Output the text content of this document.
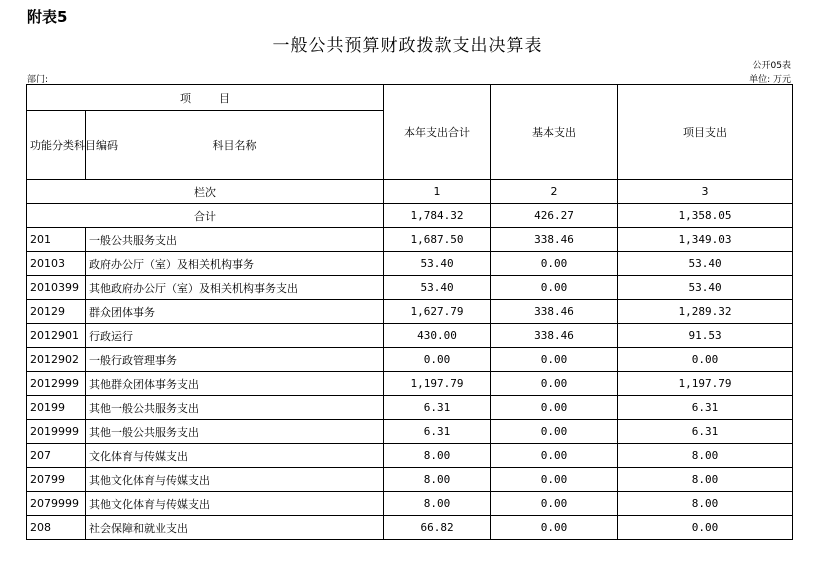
附表5
一般公共预算财政拨款支出决算表
公开05表
部门:	单位: 万元
项        目		本年支出合计	基本支出	项目支出
功能分类科目编码	科目名称			
栏次		1	2	3
合计		1,784.32	426.27	1,358.05
201	一般公共服务支出	1,687.50	338.46	1,349.03
20103	政府办公厅（室）及相关机构事务	53.40	0.00	53.40
2010399	其他政府办公厅（室）及相关机构事务支出	53.40	0.00	53.40
20129	群众团体事务	1,627.79	338.46	1,289.32
2012901	行政运行	430.00	338.46	91.53
2012902	一般行政管理事务	0.00	0.00	0.00
2012999	其他群众团体事务支出	1,197.79	0.00	1,197.79
20199	其他一般公共服务支出	6.31	0.00	6.31
2019999	其他一般公共服务支出	6.31	0.00	6.31
207	文化体育与传媒支出	8.00	0.00	8.00
20799	其他文化体育与传媒支出	8.00	0.00	8.00
2079999	其他文化体育与传媒支出	8.00	0.00	8.00
208	社会保障和就业支出	66.82	0.00	0.00
